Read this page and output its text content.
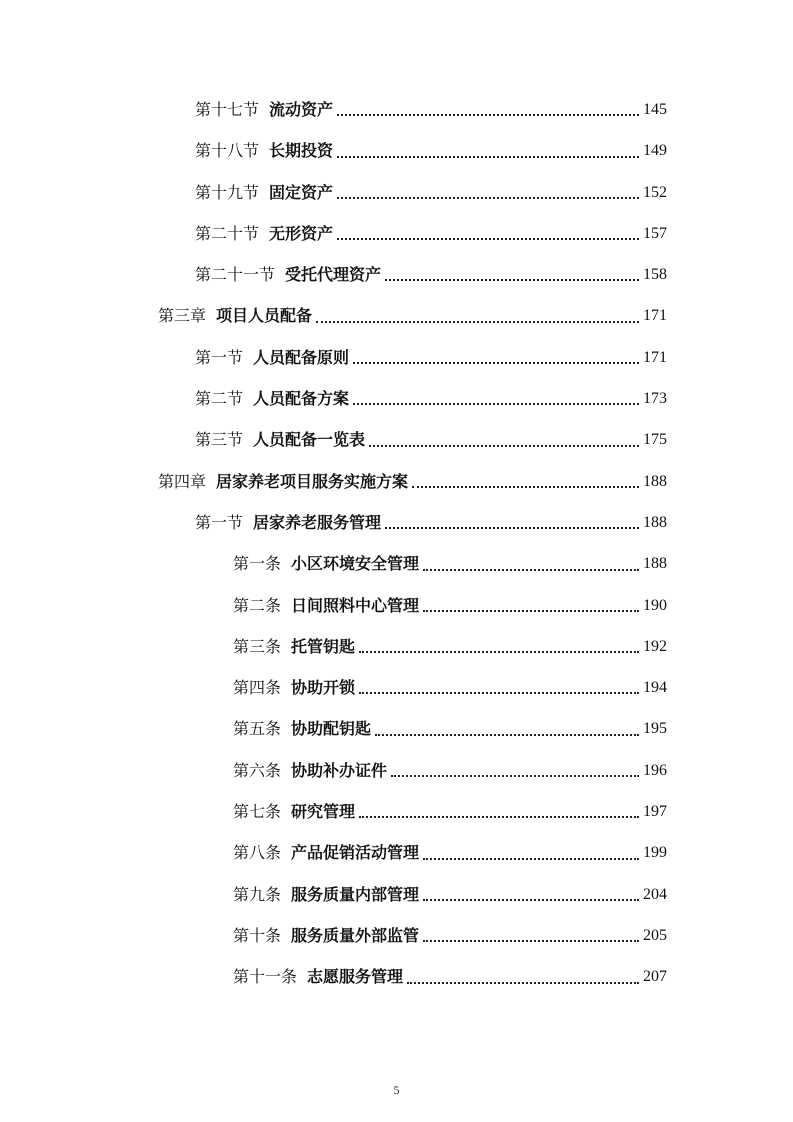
第十七节 流动资产	145
第十八节 长期投资	149
第十九节 固定资产	152
第二十节 无形资产	157
第二十一节 受托代理资产	158
第三章 项目人员配备	171
第一节 人员配备原则	171
第二节 人员配备方案	173
第三节 人员配备一览表	175
第四章 居家养老项目服务实施方案	188
第一节 居家养老服务管理	188
第一条 小区环境安全管理	188
第二条 日间照料中心管理	190
第三条 托管钥匙	192
第四条 协助开锁	194
第五条 协助配钥匙	195
第六条 协助补办证件	196
第七条 研究管理	197
第八条 产品促销活动管理	199
第九条 服务质量内部管理	204
第十条 服务质量外部监管	205
第十一条 志愿服务管理	207
5
